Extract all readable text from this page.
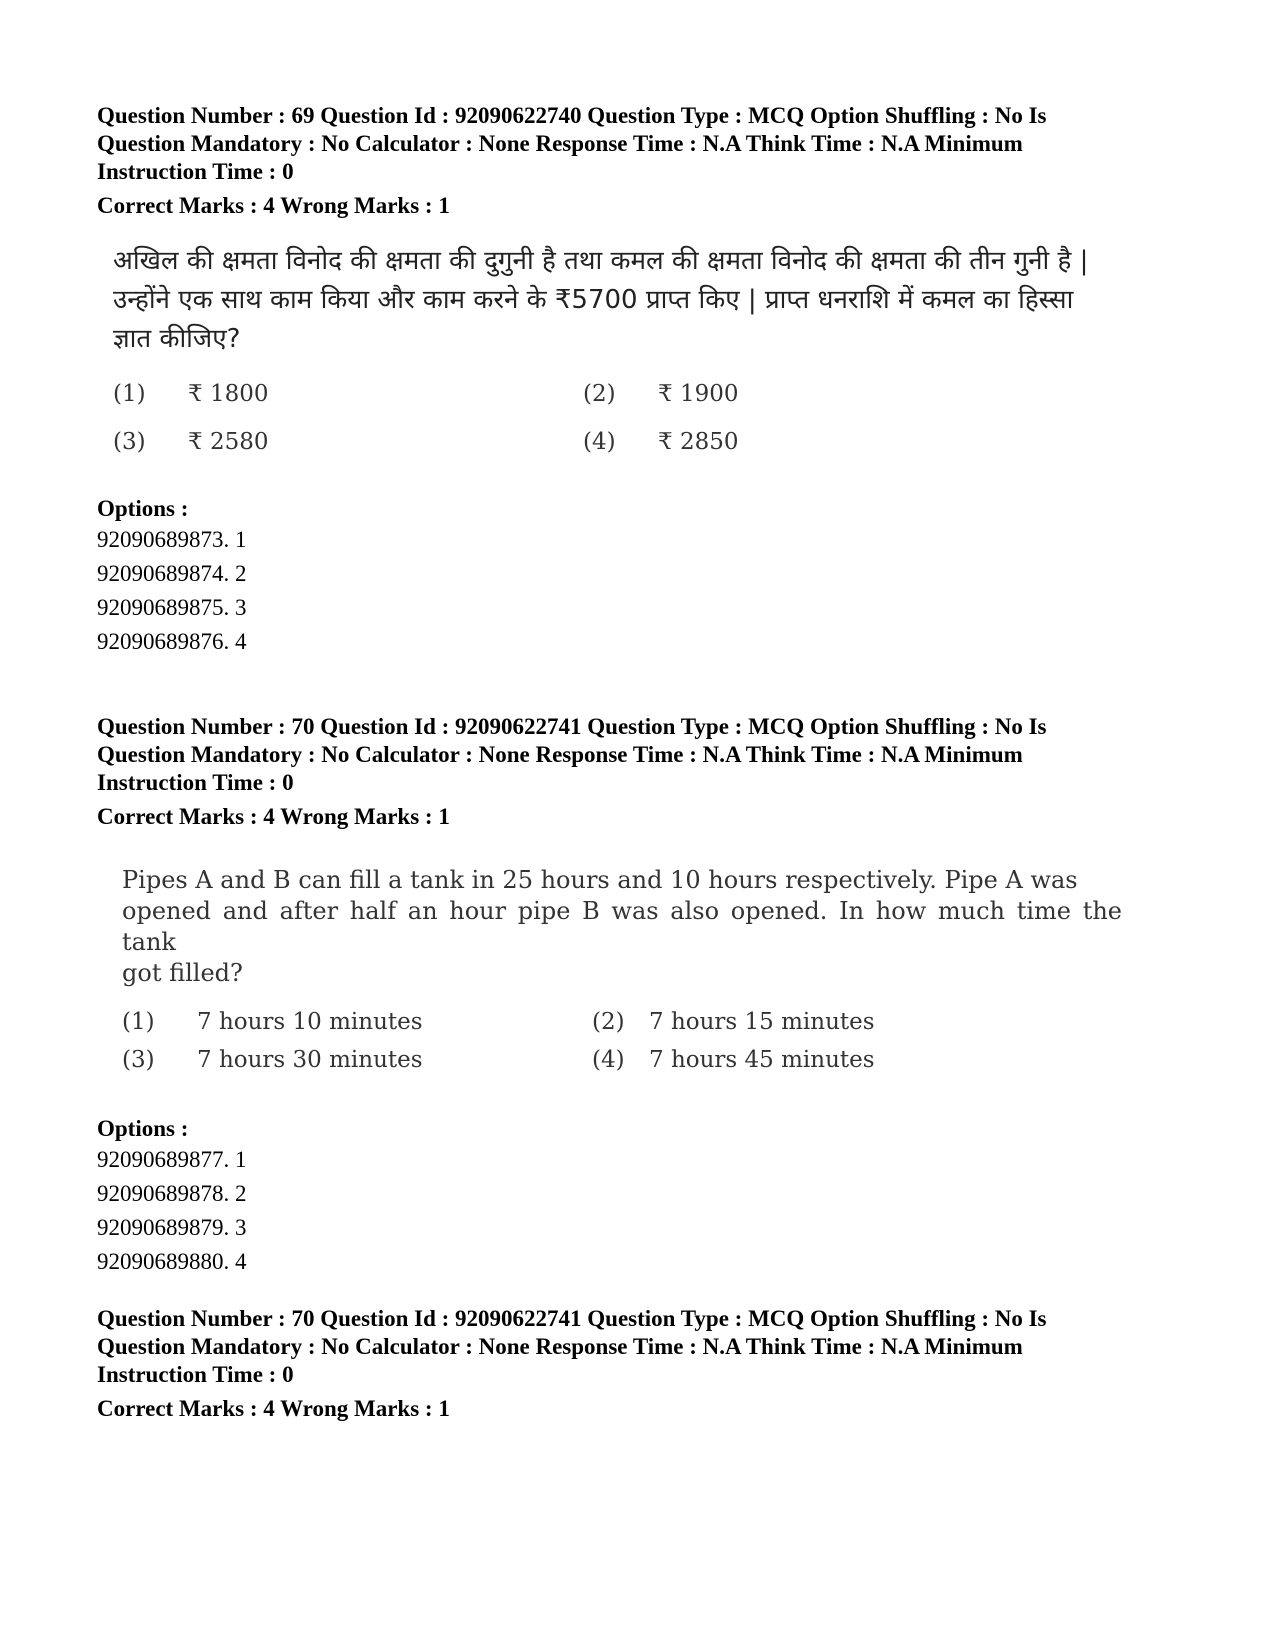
Question Number : 69 Question Id : 92090622740 Question Type : MCQ Option Shuffling : No Is

Question Mandatory : No Calculator : None Response Time : N.A Think Time : N.A Minimum

Instruction Time : 0

Correct Marks : 4 Wrong Marks : 1

अखिल की क्षमता विनोद की क्षमता की दुगुनी है तथा कमल की क्षमता विनोद की क्षमता की तीन गुनी है |

उन्होंने एक साथ काम किया और काम करने के ₹5700 प्राप्त किए | प्राप्त धनराशि में कमल का हिस्सा

ज्ञात कीजिए?

(1)	₹ 1800	(2)	₹ 1900
(3)	₹ 2580	(4)	₹ 2850

Options :

92090689873. 1

92090689874. 2

92090689875. 3

92090689876. 4

Question Number : 70 Question Id : 92090622741 Question Type : MCQ Option Shuffling : No Is

Question Mandatory : No Calculator : None Response Time : N.A Think Time : N.A Minimum

Instruction Time : 0

Correct Marks : 4 Wrong Marks : 1

Pipes A and B can fill a tank in 25 hours and 10 hours respectively. Pipe A was

opened and after half an hour pipe B was also opened. In how much time the tank

got filled?

(1)	7 hours 10 minutes	(2)	7 hours 15 minutes
(3)	7 hours 30 minutes	(4)	7 hours 45 minutes

Options :

92090689877. 1

92090689878. 2

92090689879. 3

92090689880. 4

Question Number : 70 Question Id : 92090622741 Question Type : MCQ Option Shuffling : No Is

Question Mandatory : No Calculator : None Response Time : N.A Think Time : N.A Minimum

Instruction Time : 0

Correct Marks : 4 Wrong Marks : 1
